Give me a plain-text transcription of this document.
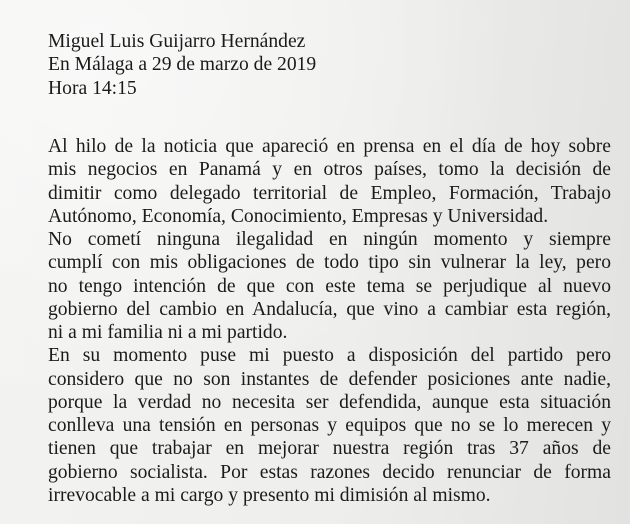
Miguel Luis Guijarro Hernández
En Málaga a 29 de marzo de 2019
Hora 14:15
Al hilo de la noticia que apareció en prensa en el día de hoy sobre
mis negocios en Panamá y en otros países, tomo la decisión de
dimitir como delegado territorial de Empleo, Formación, Trabajo
Autónomo, Economía, Conocimiento, Empresas y Universidad.
No cometí ninguna ilegalidad en ningún momento y siempre
cumplí con mis obligaciones de todo tipo sin vulnerar la ley, pero
no tengo intención de que con este tema se perjudique al nuevo
gobierno del cambio en Andalucía, que vino a cambiar esta región,
ni a mi familia ni a mi partido.
En su momento puse mi puesto a disposición del partido pero
considero que no son instantes de defender posiciones ante nadie,
porque la verdad no necesita ser defendida, aunque esta situación
conlleva una tensión en personas y equipos que no se lo merecen y
tienen que trabajar en mejorar nuestra región tras 37 años de
gobierno socialista. Por estas razones decido renunciar de forma
irrevocable a mi cargo y presento mi dimisión al mismo.
